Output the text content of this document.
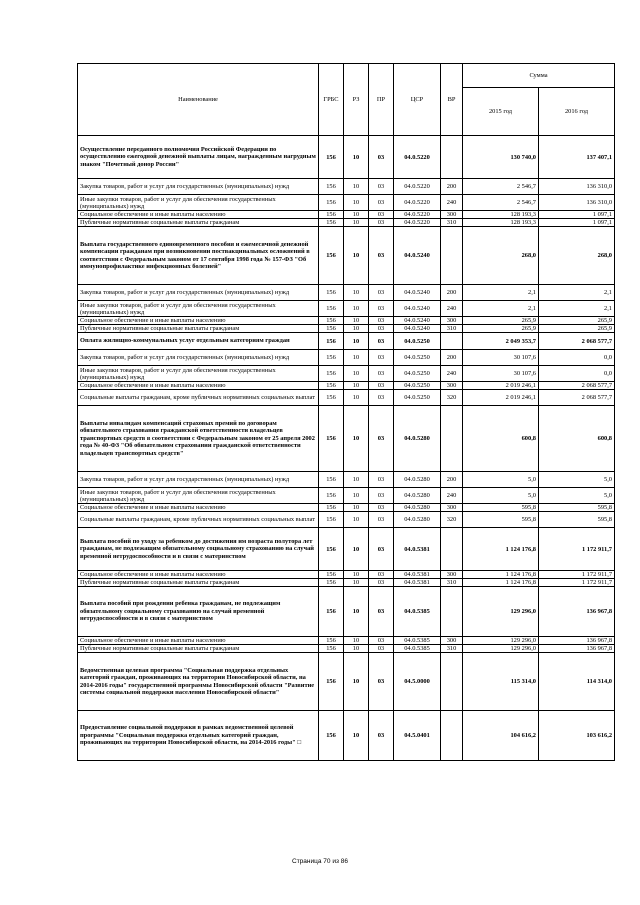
Наименование	ГРБС	РЗ	ПР	ЦСР	ВР	Сумма	
						2015 год	2016 год
Осуществление переданного полномочия Российской Федерации по осуществлению ежегодной денежной выплаты лицам, награжденным нагрудным знаком "Почетный донор России"	156	10	03	04.0.5220		130 740,0	137 407,1
Закупка товаров, работ и услуг для государственных (муниципальных) нужд	156	10	03	04.0.5220	200	2 546,7	136 310,0
Иные закупки товаров, работ и услуг для обеспечения государственных (муниципальных) нужд	156	10	03	04.0.5220	240	2 546,7	136 310,0
Социальное обеспечение и иные выплаты населению	156	10	03	04.0.5220	300	128 193,3	1 097,1
Публичные нормативные социальные выплаты гражданам	156	10	03	04.0.5220	310	128 193,3	1 097,1
Выплата государственного единовременного пособия и ежемесячной денежной компенсации гражданам при возникновении поствакцинальных осложнений в соответствии с Федеральным законом от 17 сентября 1998 года № 157-ФЗ "Об иммунопрофилактике инфекционных болезней"	156	10	03	04.0.5240		268,0	268,0
Закупка товаров, работ и услуг для государственных (муниципальных) нужд	156	10	03	04.0.5240	200	2,1	2,1
Иные закупки товаров, работ и услуг для обеспечения государственных (муниципальных) нужд	156	10	03	04.0.5240	240	2,1	2,1
Социальное обеспечение и иные выплаты населению	156	10	03	04.0.5240	300	265,9	265,9
Публичные нормативные социальные выплаты гражданам	156	10	03	04.0.5240	310	265,9	265,9
Оплата жилищно-коммунальных услуг отдельным категориям граждан	156	10	03	04.0.5250		2 049 353,7	2 068 577,7
Закупка товаров, работ и услуг для государственных (муниципальных) нужд	156	10	03	04.0.5250	200	30 107,6	0,0
Иные закупки товаров, работ и услуг для обеспечения государственных (муниципальных) нужд	156	10	03	04.0.5250	240	30 107,6	0,0
Социальное обеспечение и иные выплаты населению	156	10	03	04.0.5250	300	2 019 246,1	2 068 577,7
Социальные выплаты гражданам, кроме публичных нормативных социальных выплат	156	10	03	04.0.5250	320	2 019 246,1	2 068 577,7
Выплаты инвалидам компенсаций страховых премий по договорам обязательного страхования гражданской ответственности владельцев транспортных средств в соответствии с Федеральным законом от 25 апреля 2002 года № 40-ФЗ "Об обязательном страховании гражданской ответственности владельцев транспортных средств"	156	10	03	04.0.5280		600,8	600,8
Закупка товаров, работ и услуг для государственных (муниципальных) нужд	156	10	03	04.0.5280	200	5,0	5,0
Иные закупки товаров, работ и услуг для обеспечения государственных (муниципальных) нужд	156	10	03	04.0.5280	240	5,0	5,0
Социальное обеспечение и иные выплаты населению	156	10	03	04.0.5280	300	595,8	595,8
Социальные выплаты гражданам, кроме публичных нормативных социальных выплат	156	10	03	04.0.5280	320	595,8	595,8
Выплата пособий по уходу за ребенком до достижения им возраста полутора лет гражданам, не подлежащим обязательному социальному страхованию на случай временной нетрудоспособности и в связи с материнством	156	10	03	04.0.5381		1 124 176,8	1 172 911,7
Социальное обеспечение и иные выплаты населению	156	10	03	04.0.5381	300	1 124 176,8	1 172 911,7
Публичные нормативные социальные выплаты гражданам	156	10	03	04.0.5381	310	1 124 176,8	1 172 911,7
Выплата пособий при рождении ребенка гражданам, не подлежащим обязательному социальному страхованию на случай временной нетрудоспособности и в связи с материнством	156	10	03	04.0.5385		129 296,0	136 967,8
Социальное обеспечение и иные выплаты населению	156	10	03	04.0.5385	300	129 296,0	136 967,8
Публичные нормативные социальные выплаты гражданам	156	10	03	04.0.5385	310	129 296,0	136 967,8
Ведомственная целевая программа "Социальная поддержка отдельных категорий граждан, проживающих на территории Новосибирской области, на 2014-2016 годы" государственной программы Новосибирской области "Развитие системы социальной поддержки населения Новосибирской области"	156	10	03	04.5.0000		115 314,0	114 314,0
Предоставление социальной поддержки в рамках ведомственной целевой программы "Социальная поддержка отдельных категорий граждан, проживающих на территории Новосибирской области, на 2014-2016 годы" □	156	10	03	04.5.0401		104 616,2	103 616,2
Страница 70 из 86
